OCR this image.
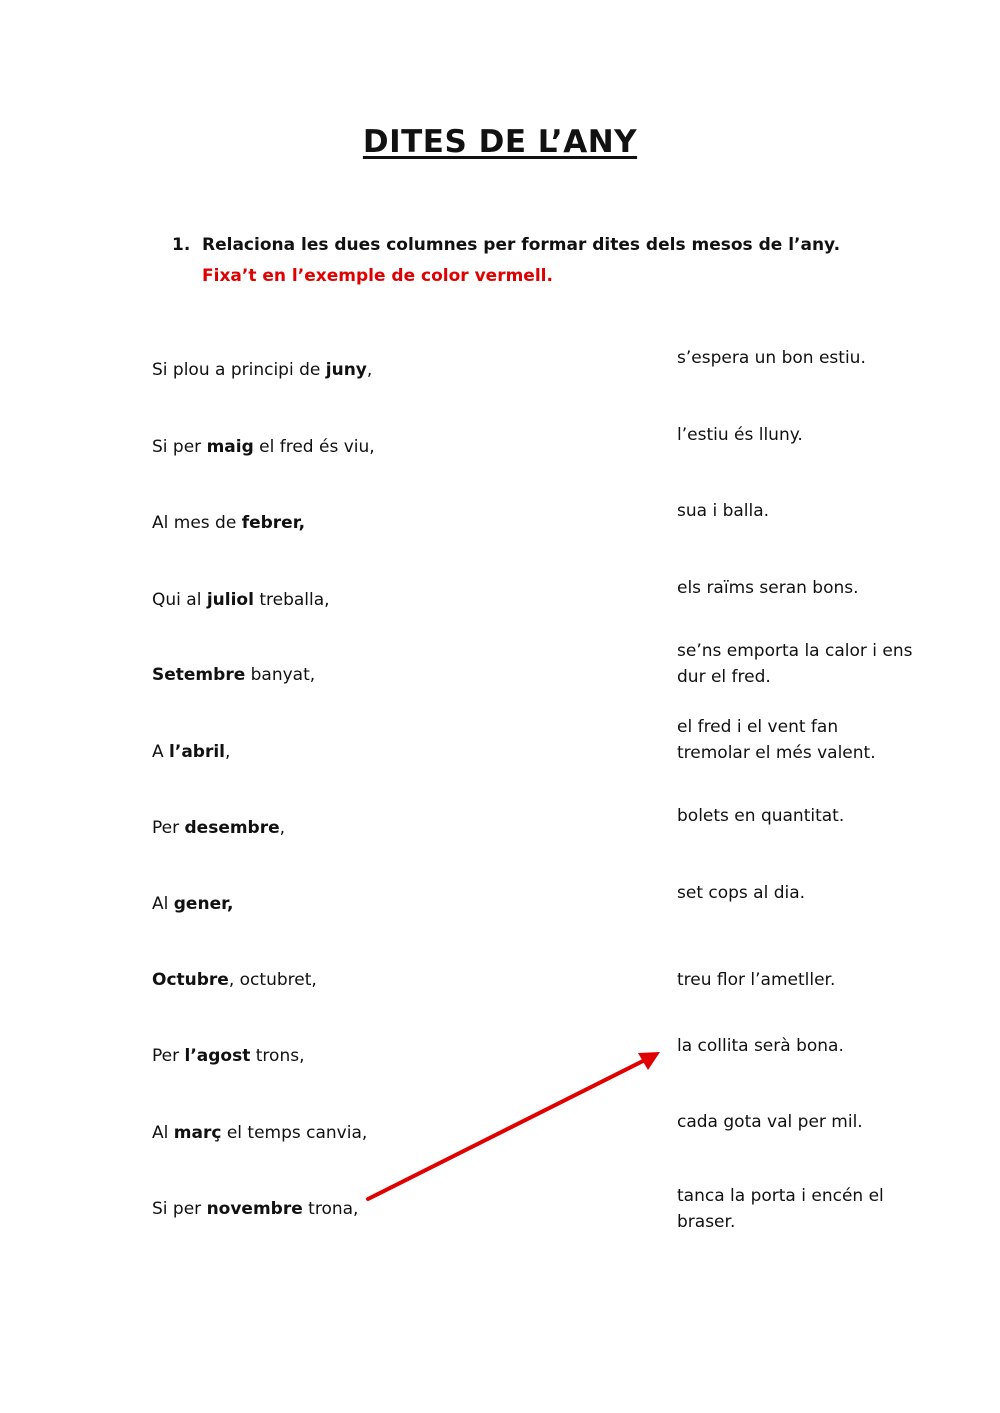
DITES DE L’ANY
1. Relaciona les dues columnes per formar dites dels mesos de l’any.
Fixa’t en l’exemple de color vermell.
Si plou a principi de juny,
Si per maig el fred és viu,
Al mes de febrer,
Qui al juliol treballa,
Setembre banyat,
A l’abril,
Per desembre,
Al gener,
Octubre, octubret,
Per l’agost trons,
Al març el temps canvia,
Si per novembre trona,
s’espera un bon estiu.
l’estiu és lluny.
sua i balla.
els raïms seran bons.
se’ns emporta la calor i ens
dur el fred.
el fred i el vent fan
tremolar el més valent.
bolets en quantitat.
set cops al dia.
treu flor l’ametller.
la collita serà bona.
cada gota val per mil.
tanca la porta i encén el
braser.
